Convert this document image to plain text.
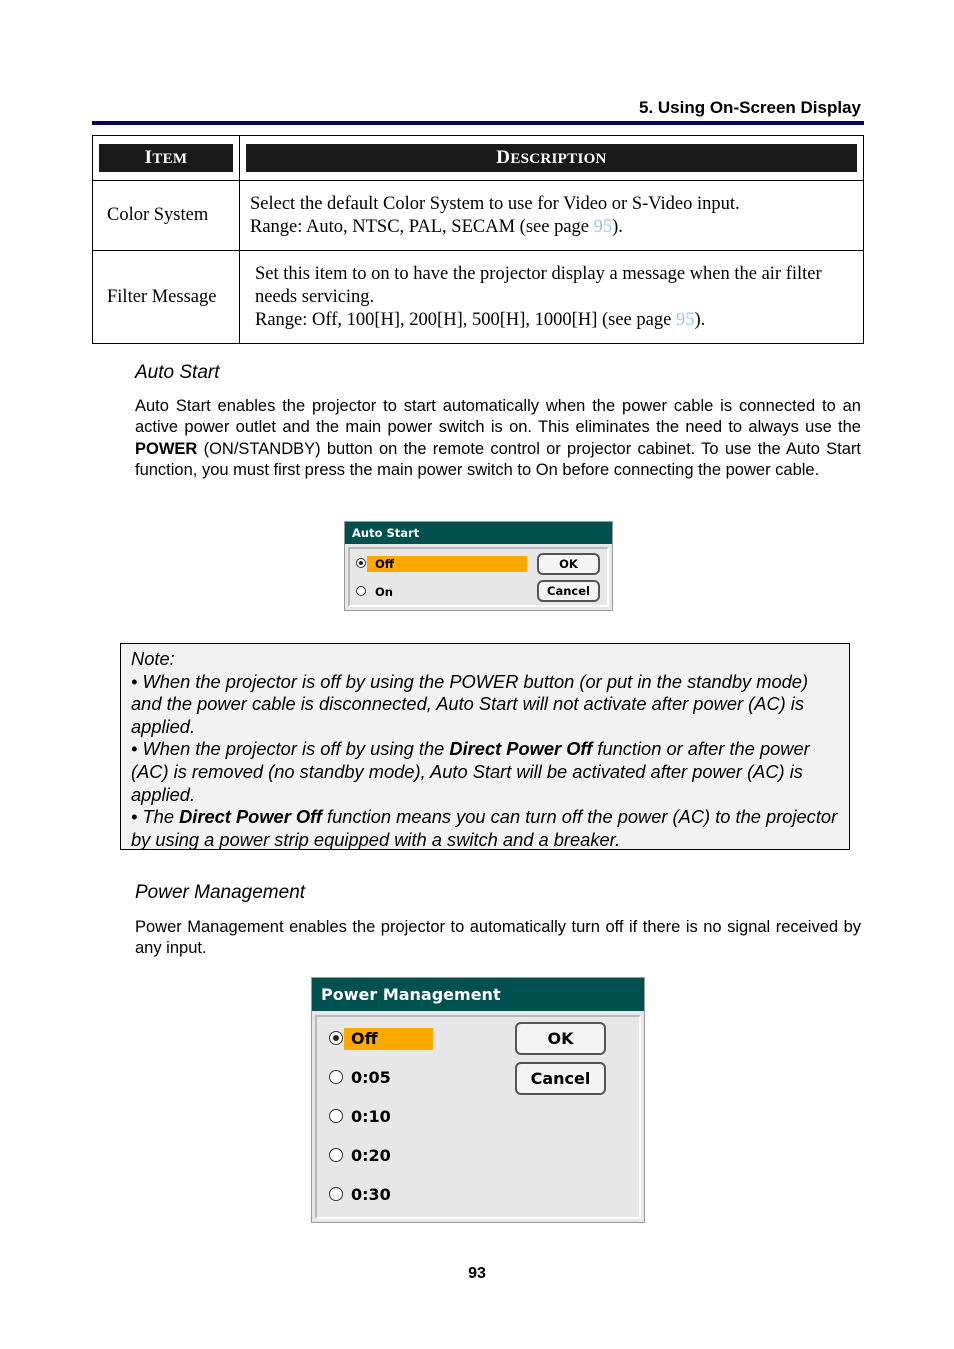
5. Using On-Screen Display
ITEM	DESCRIPTION

Color System	Select the default Color System to use for Video or S-Video input.
Range: Auto, NTSC, PAL, SECAM (see page 95).

Filter Message	Set this item to on to have the projector display a message when the air filter needs servicing.
Range: Off, 100[H], 200[H], 500[H], 1000[H] (see page 95).
Auto Start
Auto Start enables the projector to start automatically when the power cable is connected to an active power outlet and the main power switch is on. This eliminates the need to always use the POWER (ON/STANDBY) button on the remote control or projector cabinet. To use the Auto Start function, you must first press the main power switch to On before connecting the power cable.
Auto Start
Off
On
OK
Cancel
Note:
• When the projector is off by using the POWER button (or put in the standby mode) and the power cable is disconnected, Auto Start will not activate after power (AC) is applied.
• When the projector is off by using the Direct Power Off function or after the power (AC) is removed (no standby mode), Auto Start will be activated after power (AC) is applied.
• The Direct Power Off function means you can turn off the power (AC) to the projector by using a power strip equipped with a switch and a breaker.
Power Management
Power Management enables the projector to automatically turn off if there is no signal received by any input.
Power Management
Off
0:05
0:10
0:20
0:30
OK
Cancel
93
